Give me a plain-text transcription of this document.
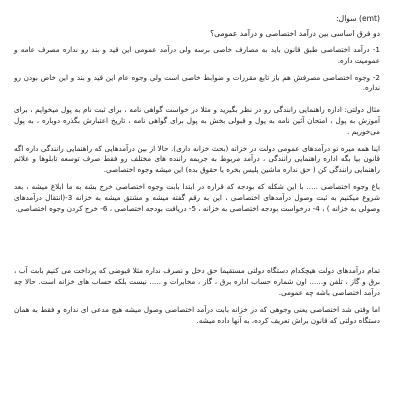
(emt) سوال:
دو فرق اساسی بین درآمد اختصاصی و درآمد عمومی؟
1- درآمد اختصاصی طبق قانون باید به مصارف خاصی برسه ولی درآمد عمومی این قید و بند رو نداره مصرف عامه و عمومیت داره.
2- وجوه اختصاصی مصرفش هم باز تابع مقررات و ضوابط خاصی است ولی وجوه عام این قید و بند و این خاص بودن رو نداره.
مثال دولتی: اداره راهنمایی رانندگی رو در نظر بگیرید و مثلا در خواست گواهی نامه ، برای ثبت نام به پول میخوایم ، برای آموزش به پول ، امتحان آئین نامه به پول و قبولی بخش به پول برای گواهی نامه ، تاریخ اعتبارش بگذره دوباره ، به پول می‌خوریم .
اینا همه میره تو درآمدهای عمومی دولت در خزانه (بحث خزانه داری). حالا از بین درآمدهایی که راهنمایی رانندگی داره اگه قانون بیا بگه اداره راهنمایی رانندگی ، درآمد مربوط به جریمه راننده های مختلف رو فقط صرف توسعه تابلوها و علائم راهنمایی رانندگی کن ( حق نداره ماشین پلیس بخره یا حقوق بده) این میشه وجوه اختصاصی.
باغ وجوه اختصاصی ..... با این شکله که بودجه که قراره در ابتدا بابت وجوه اختصاصی خرج بشه به ما ابلاغ میشه ، بعد شروع میکنیم به ثبت وصول درآمدهای اختصاصی ، این به رقم گفته میشه و مشتق میشه به خزانه 3-(انتقال درآمدهای وصولی به خزانه ) ، 4- درخواست بودجه اختصاصی به خزانه ، 5- دریافت بودجه اختصاصی ، 6- خرج کردن وجوه اختصاصی.
تمام درآمدهای دولت هیچکدام دستگاه دولتی مستقیما حق دخل و تصرف نداره مثلا قبوضی که پرداخت می کنیم بابت آب ، برق و گاز ، تلفن و...... اون شماره حساب اداره برق ، گاز ، مخابرات و ..... نیست بلکه حساب های خزانه است. حالا چه درآمد اختصاصی باشه چه عمومی.
اما وقتی شد اختصاصی یعنی وجوهی که در خزانه بابت درآمد اختصاصی وصول میشه هیچ مدعی ای نداره و فقط به همان دستگاه دولتی که قانون براش تعریف کرده، به آنها داده میشه.
